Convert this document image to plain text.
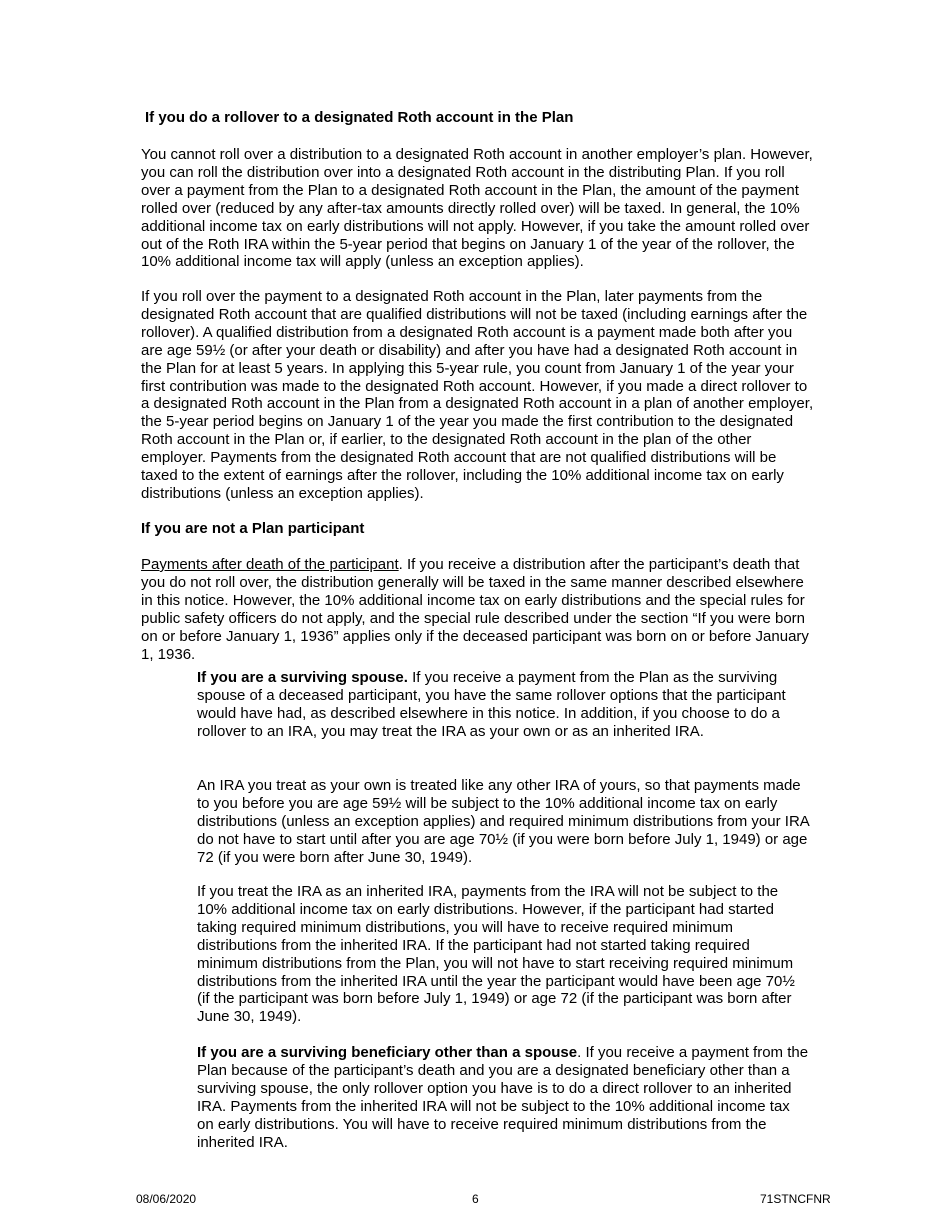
If you do a rollover to a designated Roth account in the Plan

You cannot roll over a distribution to a designated Roth account in another employer’s plan. However, you can roll the distribution over into a designated Roth account in the distributing Plan. If you roll over a payment from the Plan to a designated Roth account in the Plan, the amount of the payment rolled over (reduced by any after-tax amounts directly rolled over) will be taxed. In general, the 10% additional income tax on early distributions will not apply. However, if you take the amount rolled over out of the Roth IRA within the 5-year period that begins on January 1 of the year of the rollover, the 10% additional income tax will apply (unless an exception applies).

If you roll over the payment to a designated Roth account in the Plan, later payments from the designated Roth account that are qualified distributions will not be taxed (including earnings after the rollover). A qualified distribution from a designated Roth account is a payment made both after you are age 59½ (or after your death or disability) and after you have had a designated Roth account in the Plan for at least 5 years. In applying this 5-year rule, you count from January 1 of the year your first contribution was made to the designated Roth account. However, if you made a direct rollover to a designated Roth account in the Plan from a designated Roth account in a plan of another employer, the 5-year period begins on January 1 of the year you made the first contribution to the designated Roth account in the Plan or, if earlier, to the designated Roth account in the plan of the other employer. Payments from the designated Roth account that are not qualified distributions will be taxed to the extent of earnings after the rollover, including the 10% additional income tax on early distributions (unless an exception applies).

If you are not a Plan participant

Payments after death of the participant. If you receive a distribution after the participant’s death that you do not roll over, the distribution generally will be taxed in the same manner described elsewhere in this notice. However, the 10% additional income tax on early distributions and the special rules for public safety officers do not apply, and the special rule described under the section “If you were born on or before January 1, 1936” applies only if the deceased participant was born on or before January 1, 1936.

If you are a surviving spouse. If you receive a payment from the Plan as the surviving spouse of a deceased participant, you have the same rollover options that the participant would have had, as described elsewhere in this notice. In addition, if you choose to do a rollover to an IRA, you may treat the IRA as your own or as an inherited IRA.

An IRA you treat as your own is treated like any other IRA of yours, so that payments made to you before you are age 59½ will be subject to the 10% additional income tax on early distributions (unless an exception applies) and required minimum distributions from your IRA do not have to start until after you are age 70½ (if you were born before July 1, 1949) or age 72 (if you were born after June 30, 1949).

If you treat the IRA as an inherited IRA, payments from the IRA will not be subject to the 10% additional income tax on early distributions. However, if the participant had started taking required minimum distributions, you will have to receive required minimum distributions from the inherited IRA. If the participant had not started taking required minimum distributions from the Plan, you will not have to start receiving required minimum distributions from the inherited IRA until the year the participant would have been age 70½ (if the participant was born before July 1, 1949) or age 72 (if the participant was born after June 30, 1949).

If you are a surviving beneficiary other than a spouse. If you receive a payment from the Plan because of the participant’s death and you are a designated beneficiary other than a surviving spouse, the only rollover option you have is to do a direct rollover to an inherited IRA. Payments from the inherited IRA will not be subject to the 10% additional income tax on early distributions. You will have to receive required minimum distributions from the inherited IRA.

08/06/2020	6	71STNCFNR
